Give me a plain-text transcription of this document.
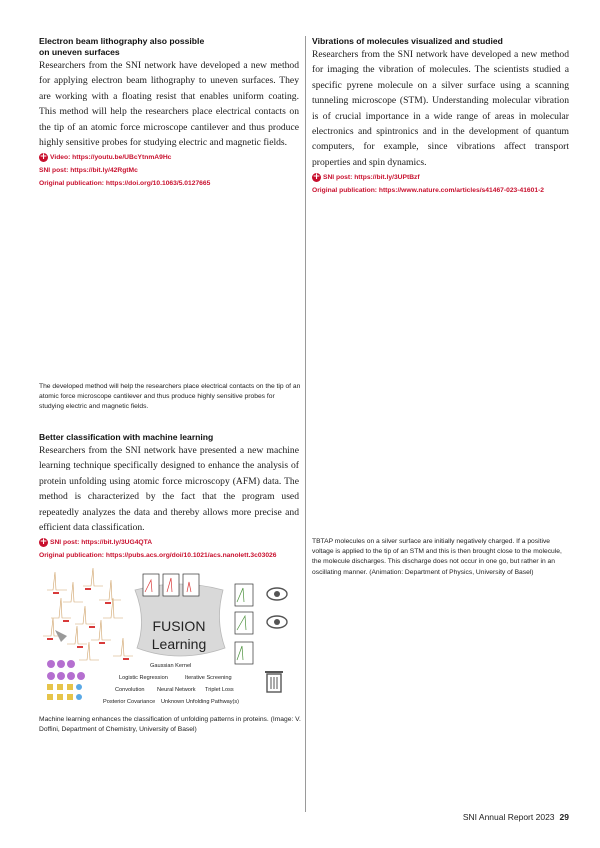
Electron beam lithography also possible
on uneven surfaces

Researchers from the SNI network have developed a new method for applying electron beam lithography to uneven surfaces. They are working with a floating resist that enables uniform coating. This method will help the researchers place electrical contacts on the tip of an atomic force microscope cantilever and thus produce highly sensitive probes for studying electric and magnetic fields.

+ Video: https://youtu.be/UBcYtnmA9Hc
SNI post: https://bit.ly/42RgtMc
Original publication: https://doi.org/10.1063/5.0127665
The developed method will help the researchers place electrical contacts on the tip of an atomic force microscope cantilever and thus produce highly sensitive probes for studying electric and magnetic fields.
Better classification with machine learning

Researchers from the SNI network have presented a new machine learning technique specifically designed to enhance the analysis of protein unfolding using atomic force microscopy (AFM) data. The method is characterized by the fact that the program used repeatedly analyzes the data and thereby allows more precise and efficient data classification.

+ SNI post: https://bit.ly/3UG4QTA
Original publication: https://pubs.acs.org/doi/10.1021/acs.nanolett.3c03026
FUSION
Learning
Gaussian Kernel
Logistic Regression	Iterative Screening
Convolution Neural Network Triplet Loss
Posterior Covariance Unknown Unfolding Pathway(s)
Machine learning enhances the classification of unfolding patterns in proteins. (Image: V. Doffini, Department of Chemistry, University of Basel)
Vibrations of molecules visualized and studied

Researchers from the SNI network have developed a new method for imaging the vibration of molecules. The scientists studied a specific pyrene molecule on a silver surface using a scanning tunneling microscope (STM). Understanding molecular vibration is of crucial importance in a wide range of areas in molecular electronics and spintronics and in the development of quantum computers, for example, since vibrations affect transport properties and spin dynamics.

+ SNI post: https://bit.ly/3UPtBzf
Original publication: https://www.nature.com/articles/s41467-023-41601-2
TBTAP molecules on a silver surface are initially negatively charged. If a positive voltage is applied to the tip of an STM and this is then brought close to the molecule, the molecule discharges. This discharge does not occur in one go, but rather in an oscillating manner. (Animation: Department of Physics, University of Basel)
SNI Annual Report 2023 29
